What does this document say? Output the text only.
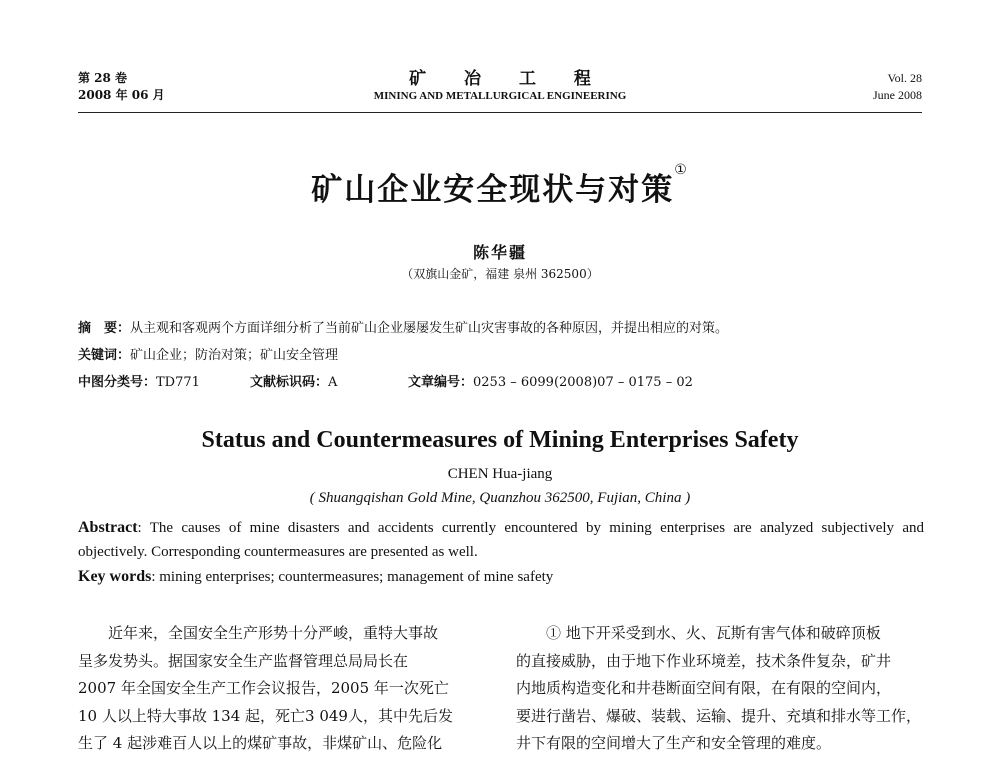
第 28 卷
2008 年 06 月
矿 冶 工 程
MINING AND METALLURGICAL ENGINEERING
Vol. 28
June 2008
矿山企业安全现状与对策①
陈华疆
（双旗山金矿，福建 泉州 362500）
摘　要：从主观和客观两个方面详细分析了当前矿山企业屡屡发生矿山灾害事故的各种原因，并提出相应的对策。
关键词：矿山企业；防治对策；矿山安全管理
中图分类号：TD771	文献标识码：A	文章编号：0253 – 6099(2008)07 – 0175 – 02
Status and Countermeasures of Mining Enterprises Safety
CHEN Hua-jiang
( Shuangqishan Gold Mine, Quanzhou 362500, Fujian, China )
Abstract: The causes of mine disasters and accidents currently encountered by mining enterprises are analyzed subjectively and objectively. Corresponding countermeasures are presented as well.
Key words: mining enterprises; countermeasures; management of mine safety
　　近年来，全国安全生产形势十分严峻，重特大事故
呈多发势头。据国家安全生产监督管理总局局长在
2007 年全国安全生产工作会议报告，2005 年一次死亡
10 人以上特大事故 134 起，死亡3 049人，其中先后发
生了 4 起涉难百人以上的煤矿事故，非煤矿山、危险化
　　① 地下开采受到水、火、瓦斯有害气体和破碎顶板
的直接威胁，由于地下作业环境差，技术条件复杂，矿井
内地质构造变化和井巷断面空间有限，在有限的空间内，
要进行凿岩、爆破、装载、运输、提升、充填和排水等工作，
井下有限的空间增大了生产和安全管理的难度。
